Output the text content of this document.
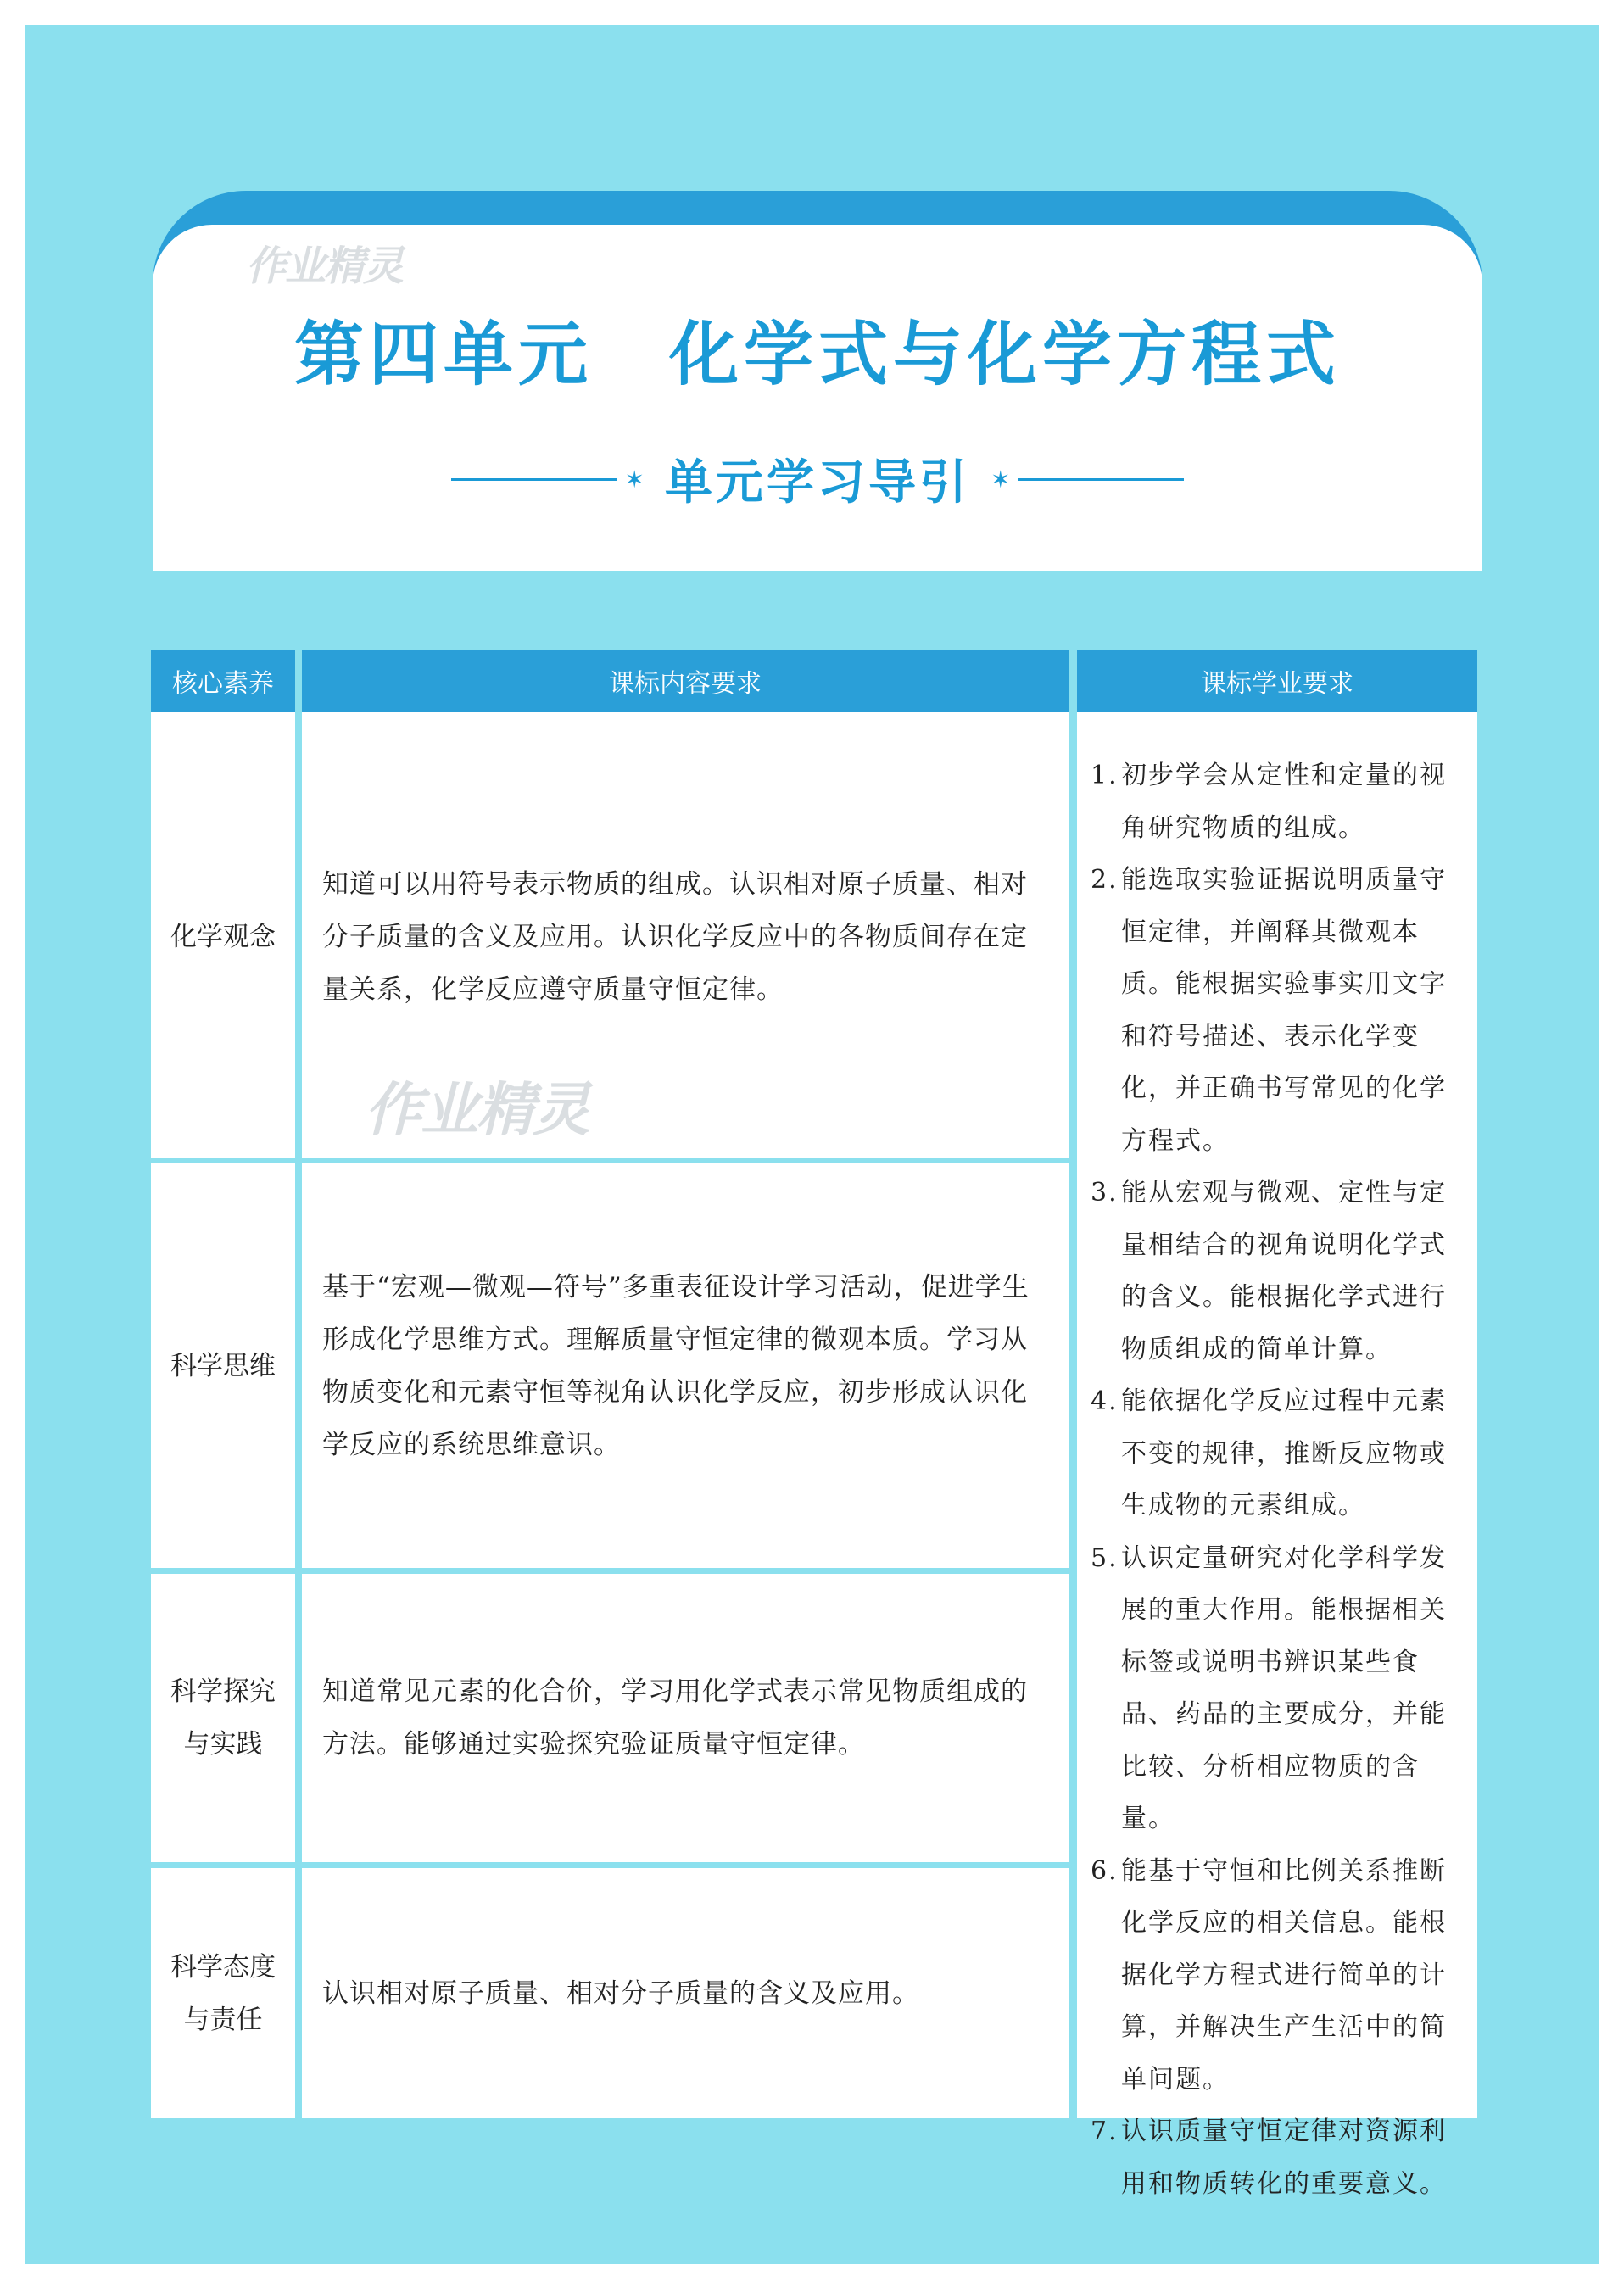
作业精灵
第四单元 化学式与化学方程式
✶ 单元学习导引 ✶
核心素养	课标内容要求	课标学业要求
化学观念
知道可以用符号表示物质的组成。认识相对原子质量、相对分子质量的含义及应用。认识化学反应中的各物质间存在定量关系，化学反应遵守质量守恒定律。
作业精灵
科学思维
基于“宏观—微观—符号”多重表征设计学习活动，促进学生形成化学思维方式。理解质量守恒定律的微观本质。学习从物质变化和元素守恒等视角认识化学反应，初步形成认识化学反应的系统思维意识。
科学探究与实践
知道常见元素的化合价，学习用化学式表示常见物质组成的方法。能够通过实验探究验证质量守恒定律。
科学态度与责任
认识相对原子质量、相对分子质量的含义及应用。
1. 初步学会从定性和定量的视角研究物质的组成。
2. 能选取实验证据说明质量守恒定律，并阐释其微观本质。能根据实验事实用文字和符号描述、表示化学变化，并正确书写常见的化学方程式。
3. 能从宏观与微观、定性与定量相结合的视角说明化学式的含义。能根据化学式进行物质组成的简单计算。
4. 能依据化学反应过程中元素不变的规律，推断反应物或生成物的元素组成。
5. 认识定量研究对化学科学发展的重大作用。能根据相关标签或说明书辨识某些食品、药品的主要成分，并能比较、分析相应物质的含量。
6. 能基于守恒和比例关系推断化学反应的相关信息。能根据化学方程式进行简单的计算，并解决生产生活中的简单问题。
7. 认识质量守恒定律对资源利用和物质转化的重要意义。
